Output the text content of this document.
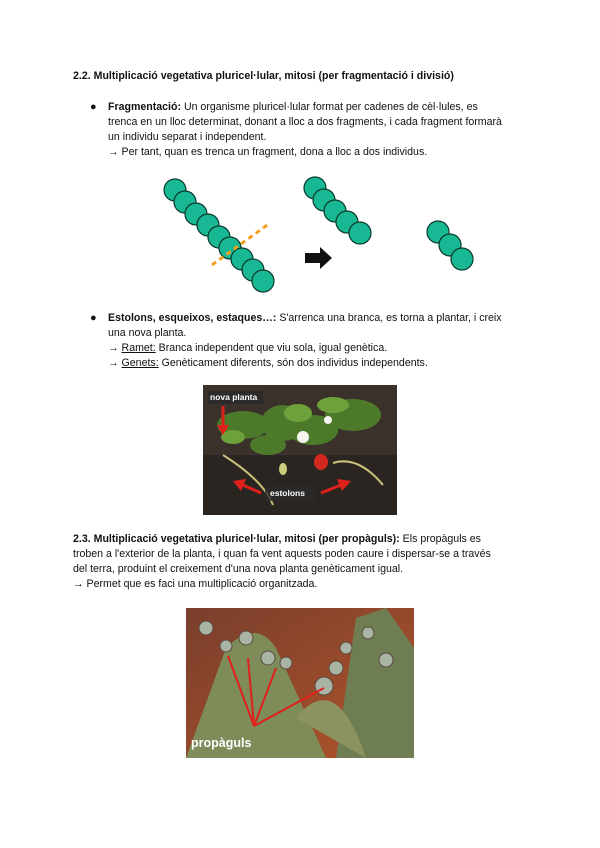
2.2. Multiplicació vegetativa pluricel·lular, mitosi (per fragmentació i divisió)
● Fragmentació: Un organisme pluricel·lular format per cadenes de cèl·lules, es
trenca en un lloc determinat, donant a lloc a dos fragments, i cada fragment formarà
un individu separat i independent.
→ Per tant, quan es trenca un fragment, dona a lloc a dos individus.
● Estolons, esqueixos, estaques…: S'arrenca una branca, es torna a plantar, i creix
una nova planta.
→ Ramet: Branca independent que viu sola, igual genètica.
→ Genets: Genèticament diferents, són dos individus independents.
nova planta
estolons
2.3. Multiplicació vegetativa pluricel·lular, mitosi (per propàguls): Els propàguls es
troben a l'exterior de la planta, i quan fa vent aquests poden caure i dispersar-se a través
del terra, produint el creixement d'una nova planta genèticament igual.
→ Permet que es faci una multiplicació organitzada.
propàguls
